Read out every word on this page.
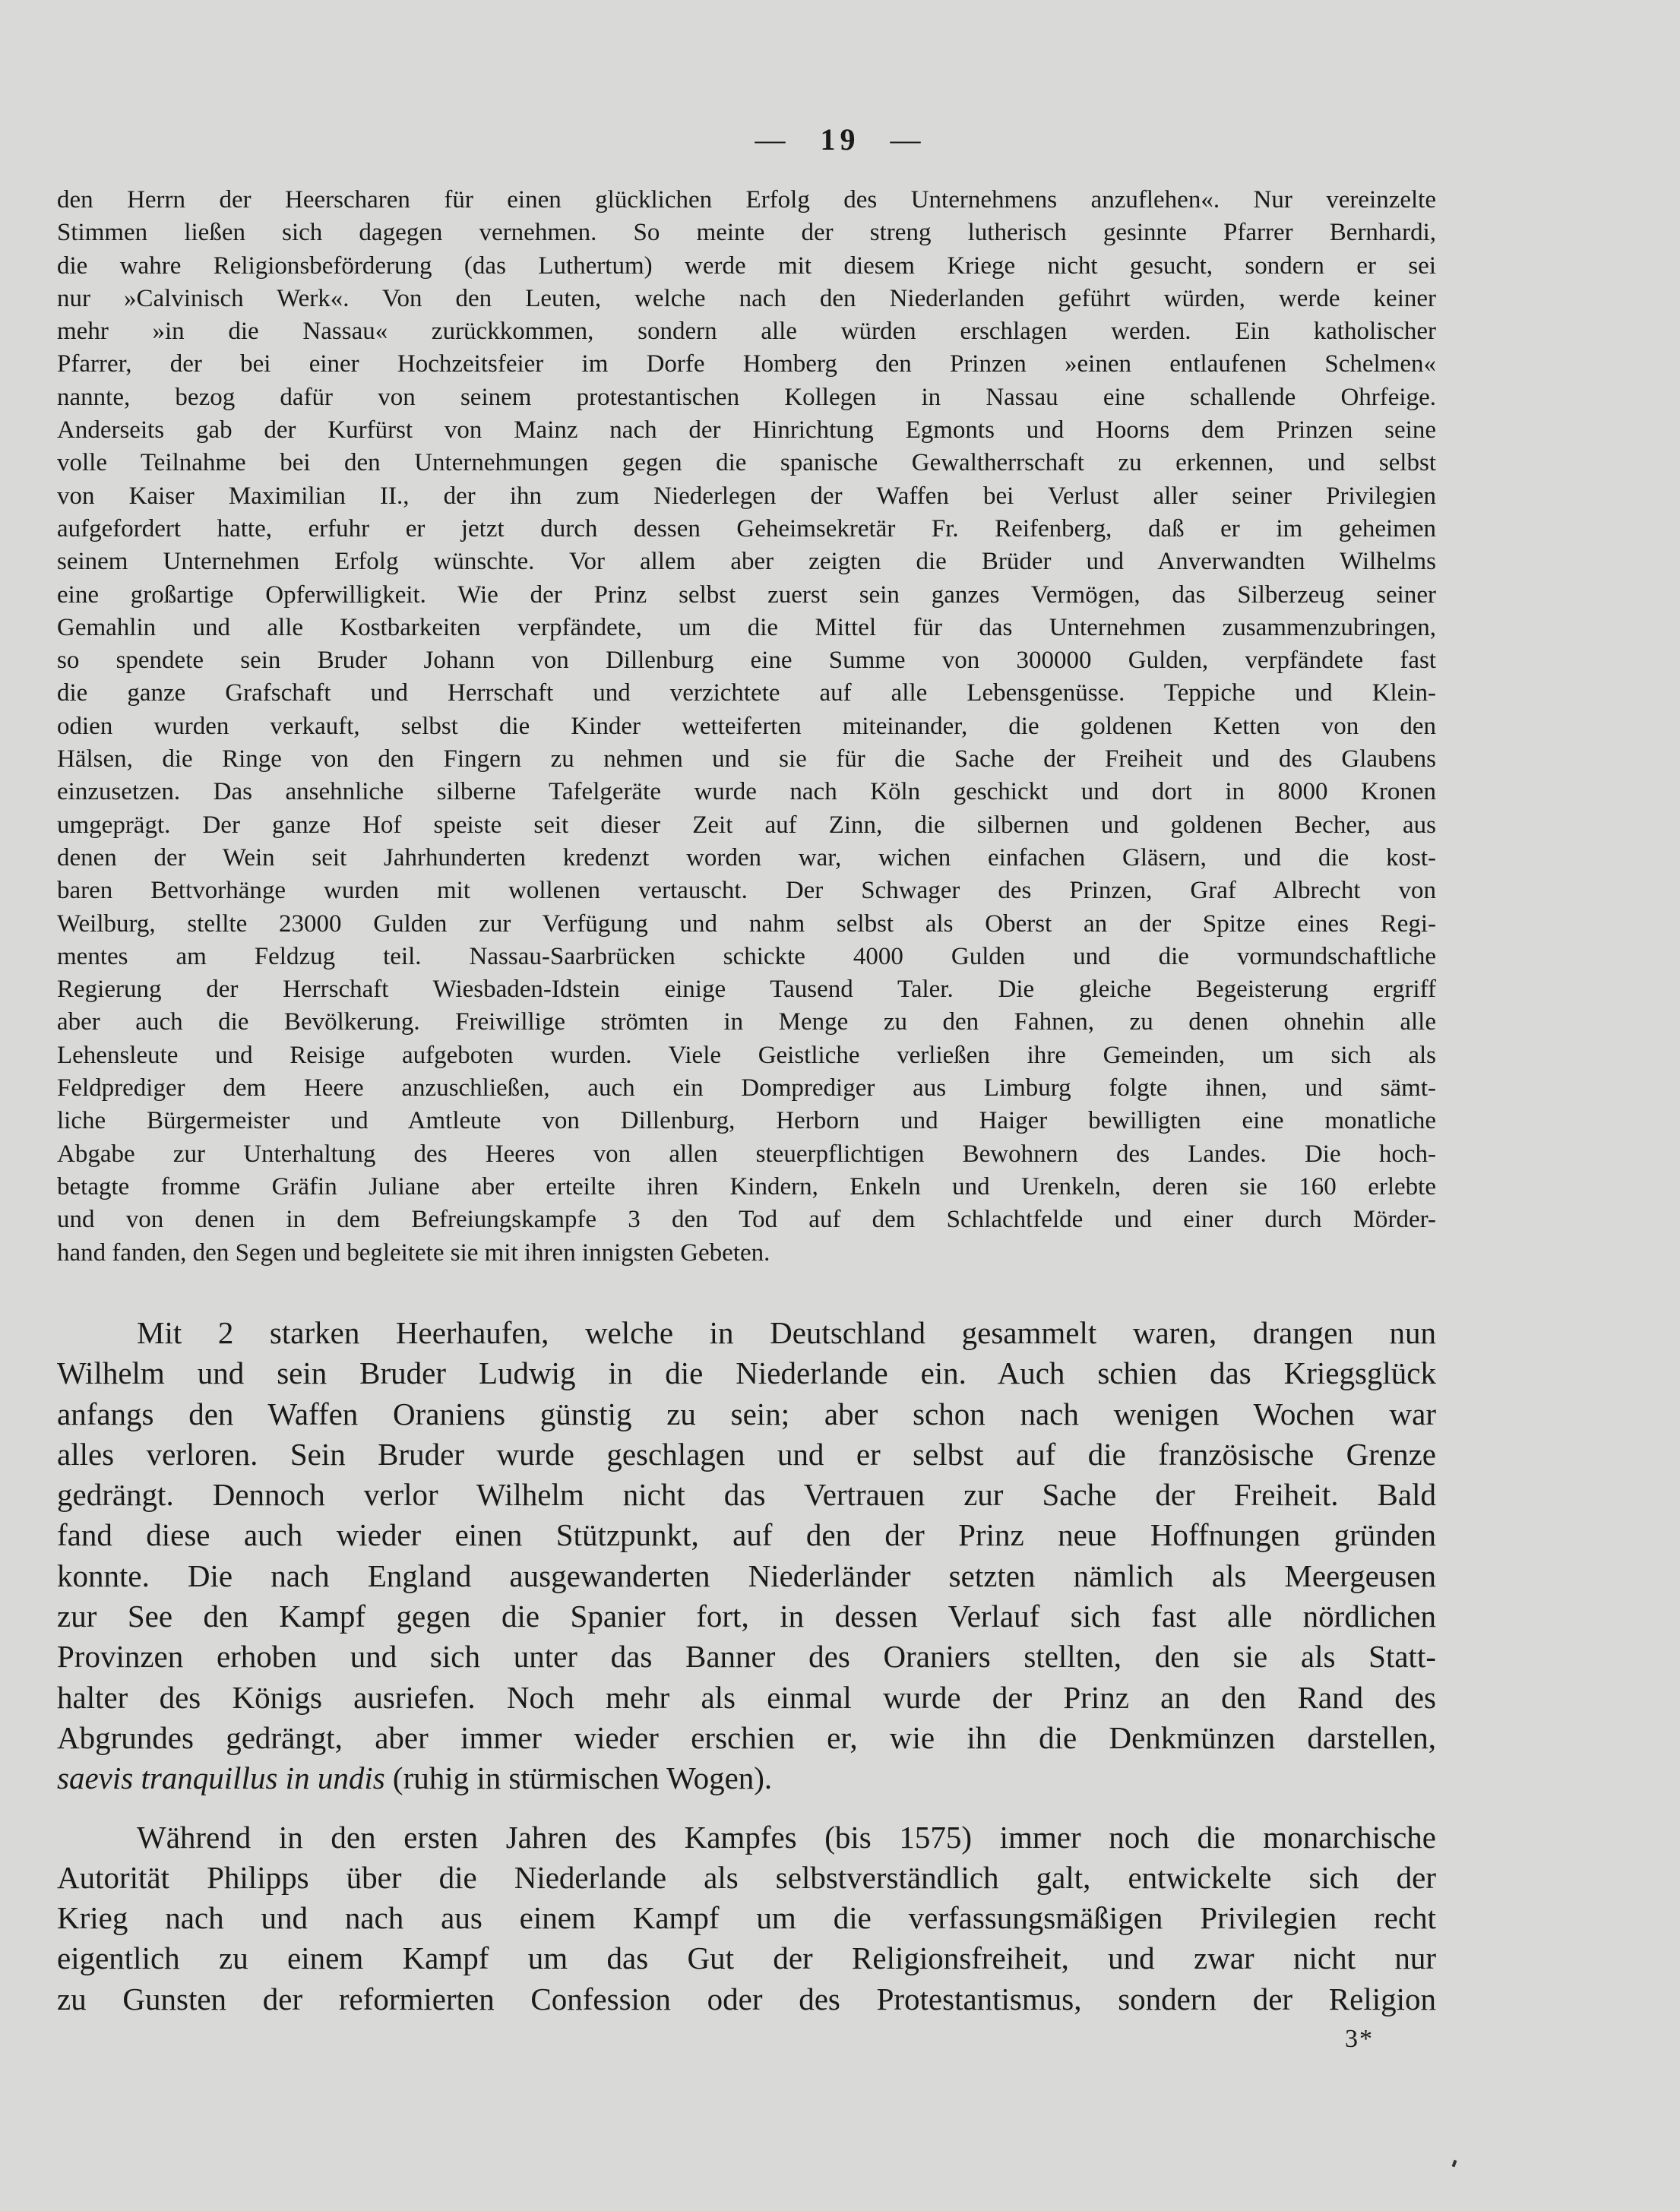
— 19 —
den Herrn der Heerscharen für einen glücklichen Erfolg des Unternehmens anzuflehen«. Nur vereinzelte
Stimmen ließen sich dagegen vernehmen. So meinte der streng lutherisch gesinnte Pfarrer Bernhardi,
die wahre Religionsbeförderung (das Luthertum) werde mit diesem Kriege nicht gesucht, sondern er sei
nur »Calvinisch Werk«. Von den Leuten, welche nach den Niederlanden geführt würden, werde keiner
mehr »in die Nassau« zurückkommen, sondern alle würden erschlagen werden. Ein katholischer
Pfarrer, der bei einer Hochzeitsfeier im Dorfe Homberg den Prinzen »einen entlaufenen Schelmen«
nannte, bezog dafür von seinem protestantischen Kollegen in Nassau eine schallende Ohrfeige.
Anderseits gab der Kurfürst von Mainz nach der Hinrichtung Egmonts und Hoorns dem Prinzen seine
volle Teilnahme bei den Unternehmungen gegen die spanische Gewaltherrschaft zu erkennen, und selbst
von Kaiser Maximilian II., der ihn zum Niederlegen der Waffen bei Verlust aller seiner Privilegien
aufgefordert hatte, erfuhr er jetzt durch dessen Geheimsekretär Fr. Reifenberg, daß er im geheimen
seinem Unternehmen Erfolg wünschte. Vor allem aber zeigten die Brüder und Anverwandten Wilhelms
eine großartige Opferwilligkeit. Wie der Prinz selbst zuerst sein ganzes Vermögen, das Silberzeug seiner
Gemahlin und alle Kostbarkeiten verpfändete, um die Mittel für das Unternehmen zusammenzubringen,
so spendete sein Bruder Johann von Dillenburg eine Summe von 300000 Gulden, verpfändete fast
die ganze Grafschaft und Herrschaft und verzichtete auf alle Lebensgenüsse. Teppiche und Klein-
odien wurden verkauft, selbst die Kinder wetteiferten miteinander, die goldenen Ketten von den
Hälsen, die Ringe von den Fingern zu nehmen und sie für die Sache der Freiheit und des Glaubens
einzusetzen. Das ansehnliche silberne Tafelgeräte wurde nach Köln geschickt und dort in 8000 Kronen
umgeprägt. Der ganze Hof speiste seit dieser Zeit auf Zinn, die silbernen und goldenen Becher, aus
denen der Wein seit Jahrhunderten kredenzt worden war, wichen einfachen Gläsern, und die kost-
baren Bettvorhänge wurden mit wollenen vertauscht. Der Schwager des Prinzen, Graf Albrecht von
Weilburg, stellte 23000 Gulden zur Verfügung und nahm selbst als Oberst an der Spitze eines Regi-
mentes am Feldzug teil. Nassau-Saarbrücken schickte 4000 Gulden und die vormundschaftliche
Regierung der Herrschaft Wiesbaden-Idstein einige Tausend Taler. Die gleiche Begeisterung ergriff
aber auch die Bevölkerung. Freiwillige strömten in Menge zu den Fahnen, zu denen ohnehin alle
Lehensleute und Reisige aufgeboten wurden. Viele Geistliche verließen ihre Gemeinden, um sich als
Feldprediger dem Heere anzuschließen, auch ein Domprediger aus Limburg folgte ihnen, und sämt-
liche Bürgermeister und Amtleute von Dillenburg, Herborn und Haiger bewilligten eine monatliche
Abgabe zur Unterhaltung des Heeres von allen steuerpflichtigen Bewohnern des Landes. Die hoch-
betagte fromme Gräfin Juliane aber erteilte ihren Kindern, Enkeln und Urenkeln, deren sie 160 erlebte
und von denen in dem Befreiungskampfe 3 den Tod auf dem Schlachtfelde und einer durch Mörder-
hand fanden, den Segen und begleitete sie mit ihren innigsten Gebeten.
Mit 2 starken Heerhaufen, welche in Deutschland gesammelt waren, drangen nun
Wilhelm und sein Bruder Ludwig in die Niederlande ein. Auch schien das Kriegsglück
anfangs den Waffen Oraniens günstig zu sein; aber schon nach wenigen Wochen war
alles verloren. Sein Bruder wurde geschlagen und er selbst auf die französische Grenze
gedrängt. Dennoch verlor Wilhelm nicht das Vertrauen zur Sache der Freiheit. Bald
fand diese auch wieder einen Stützpunkt, auf den der Prinz neue Hoffnungen gründen
konnte. Die nach England ausgewanderten Niederländer setzten nämlich als Meergeusen
zur See den Kampf gegen die Spanier fort, in dessen Verlauf sich fast alle nördlichen
Provinzen erhoben und sich unter das Banner des Oraniers stellten, den sie als Statt-
halter des Königs ausriefen. Noch mehr als einmal wurde der Prinz an den Rand des
Abgrundes gedrängt, aber immer wieder erschien er, wie ihn die Denkmünzen darstellen,
saevis tranquillus in undis (ruhig in stürmischen Wogen).
Während in den ersten Jahren des Kampfes (bis 1575) immer noch die monarchische
Autorität Philipps über die Niederlande als selbstverständlich galt, entwickelte sich der
Krieg nach und nach aus einem Kampf um die verfassungsmäßigen Privilegien recht
eigentlich zu einem Kampf um das Gut der Religionsfreiheit, und zwar nicht nur
zu Gunsten der reformierten Confession oder des Protestantismus, sondern der Religion
3*
